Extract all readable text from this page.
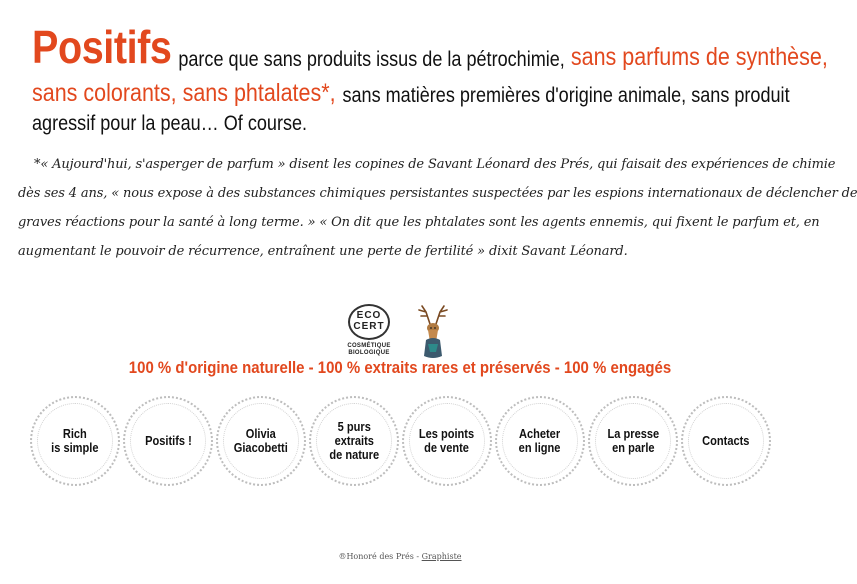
Positifs parce que sans produits issus de la pétrochimie, sans parfums de synthèse,
sans colorants, sans phtalates*, sans matières premières d'origine animale, sans produit
agressif pour la peau… Of course.
*« Aujourd'hui, s'asperger de parfum » disent les copines de Savant Léonard des Prés, qui faisait des expériences de chimie
dès ses 4 ans, « nous expose à des substances chimiques persistantes suspectées par les espions internationaux de déclencher de
graves réactions pour la santé à long terme. » « On dit que les phtalates sont les agents ennemis, qui fixent le parfum et, en
augmentant le pouvoir de récurrence, entraînent une perte de fertilité » dixit Savant Léonard.
ECO
CERT
COSMÉTIQUE
BIOLOGIQUE
100 % d'origine naturelle - 100 % extraits rares et préservés - 100 % engagés
Rich
is simple	Positifs !	Olivia
Giacobetti
5 purs
extraits
de nature
Les points
de vente
Acheter
en ligne
La presse
en parle	Contacts
®Honoré des Prés - Graphiste
